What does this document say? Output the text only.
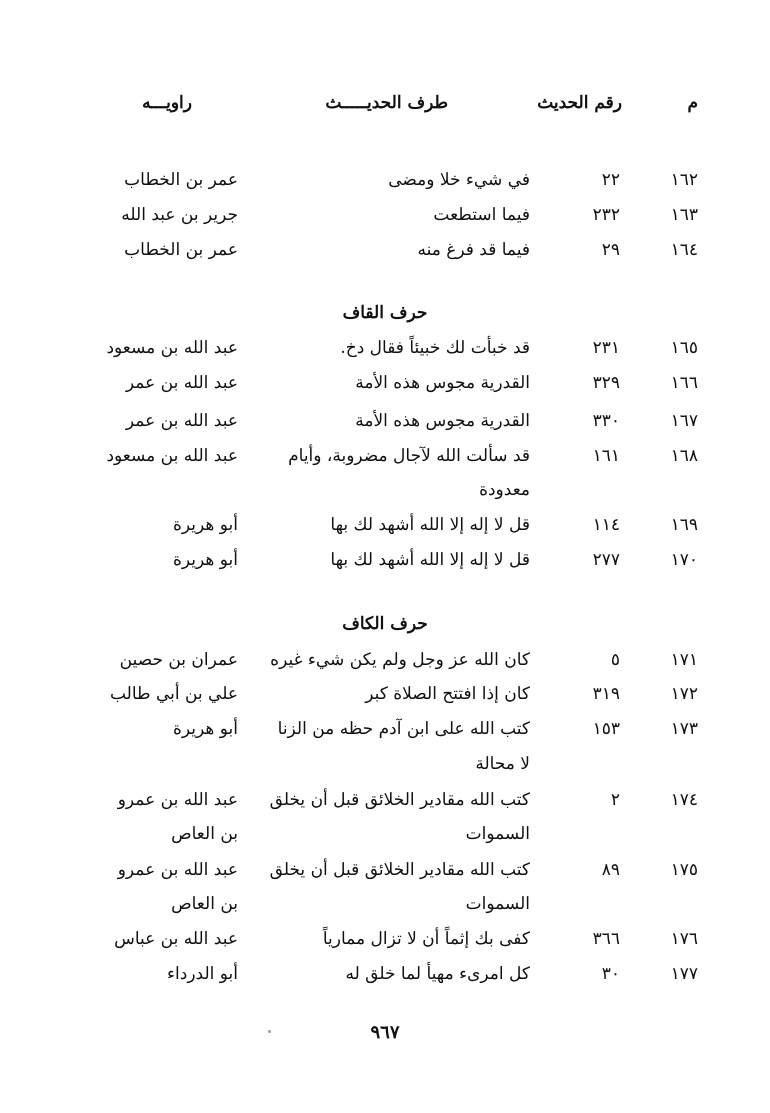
م
رقم الحديث
طرف الحديـــــث
راويـــه
١٦٢
٢٢
في شيء خلا ومضى
عمر بن الخطاب
١٦٣
٢٣٢
فيما استطعت
جرير بن عبد الله
١٦٤
٢٩
فيما قد فرغ منه
عمر بن الخطاب
حرف القاف
١٦٥
٢٣١
قد خبأت لك خبيئاً فقال دخ.
عبد الله بن مسعود
١٦٦
٣٢٩
القدرية مجوس هذه الأمة
عبد الله بن عمر
١٦٧
٣٣٠
القدرية مجوس هذه الأمة
عبد الله بن عمر
١٦٨
١٦١
قد سألت الله لآجال مضروبة، وأيام
عبد الله بن مسعود
معدودة
١٦٩
١١٤
قل لا إله إلا الله أشهد لك بها
أبو هريرة
١٧٠
٢٧٧
قل لا إله إلا الله أشهد لك بها
أبو هريرة
حرف الكاف
١٧١
٥
كان الله عز وجل ولم يكن شيء غيره
عمران بن حصين
١٧٢
٣١٩
كان إذا افتتح الصلاة كبر
علي بن أبي طالب
١٧٣
١٥٣
كتب الله على ابن آدم حظه من الزنا
أبو هريرة
لا محالة
١٧٤
٢
كتب الله مقادير الخلائق قبل أن يخلق
عبد الله بن عمرو
السموات
بن العاص
١٧٥
٨٩
كتب الله مقادير الخلائق قبل أن يخلق
عبد الله بن عمرو
السموات
بن العاص
١٧٦
٣٦٦
كفى بك إثماً أن لا تزال ممارياً
عبد الله بن عباس
١٧٧
٣٠
كل امرىء مهيأ لما خلق له
أبو الدرداء
٩٦٧
